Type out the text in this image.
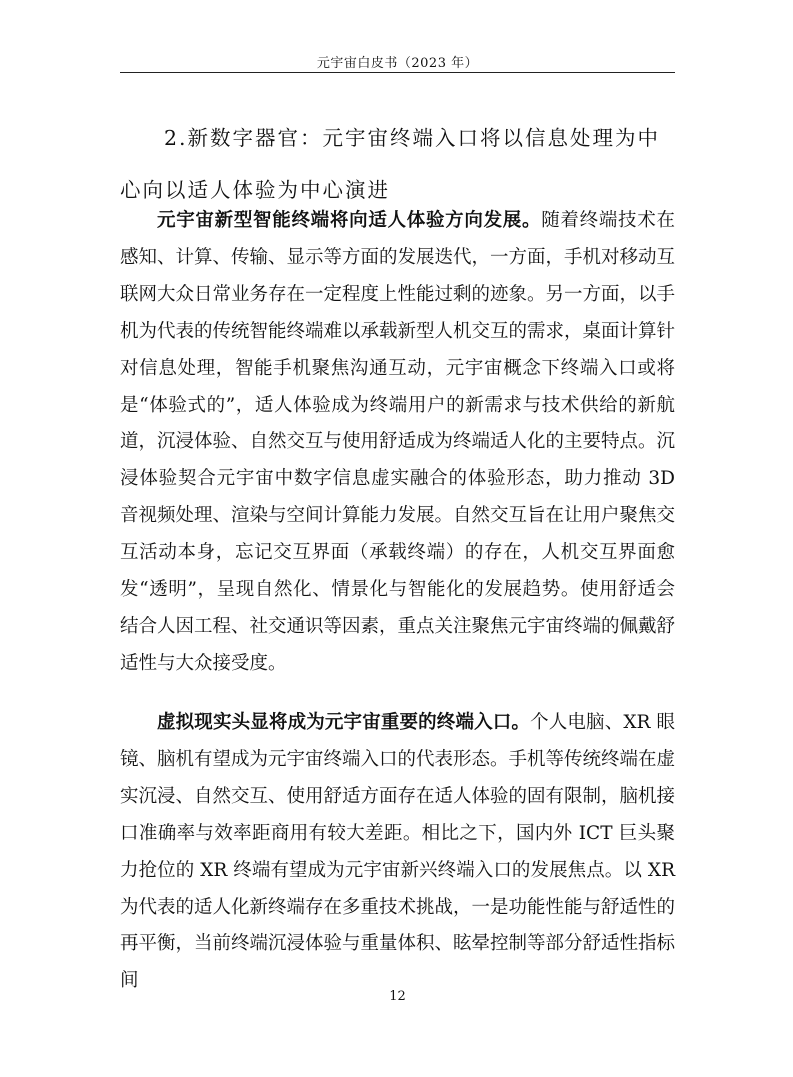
元宇宙白皮书（2023 年）
2.新数字器官：元宇宙终端入口将以信息处理为中心向以适人体验为中心演进

元宇宙新型智能终端将向适人体验方向发展。随着终端技术在感知、计算、传输、显示等方面的发展迭代，一方面，手机对移动互联网大众日常业务存在一定程度上性能过剩的迹象。另一方面，以手机为代表的传统智能终端难以承载新型人机交互的需求，桌面计算针对信息处理，智能手机聚焦沟通互动，元宇宙概念下终端入口或将是“体验式的”，适人体验成为终端用户的新需求与技术供给的新航道，沉浸体验、自然交互与使用舒适成为终端适人化的主要特点。沉浸体验契合元宇宙中数字信息虚实融合的体验形态，助力推动 3D 音视频处理、渲染与空间计算能力发展。自然交互旨在让用户聚焦交互活动本身，忘记交互界面（承载终端）的存在，人机交互界面愈发“透明”，呈现自然化、情景化与智能化的发展趋势。使用舒适会结合人因工程、社交通识等因素，重点关注聚焦元宇宙终端的佩戴舒适性与大众接受度。

虚拟现实头显将成为元宇宙重要的终端入口。个人电脑、XR 眼镜、脑机有望成为元宇宙终端入口的代表形态。手机等传统终端在虚实沉浸、自然交互、使用舒适方面存在适人体验的固有限制，脑机接口准确率与效率距商用有较大差距。相比之下，国内外 ICT 巨头聚力抢位的 XR 终端有望成为元宇宙新兴终端入口的发展焦点。以 XR 为代表的适人化新终端存在多重技术挑战，一是功能性能与舒适性的再平衡，当前终端沉浸体验与重量体积、眩晕控制等部分舒适性指标间

12
